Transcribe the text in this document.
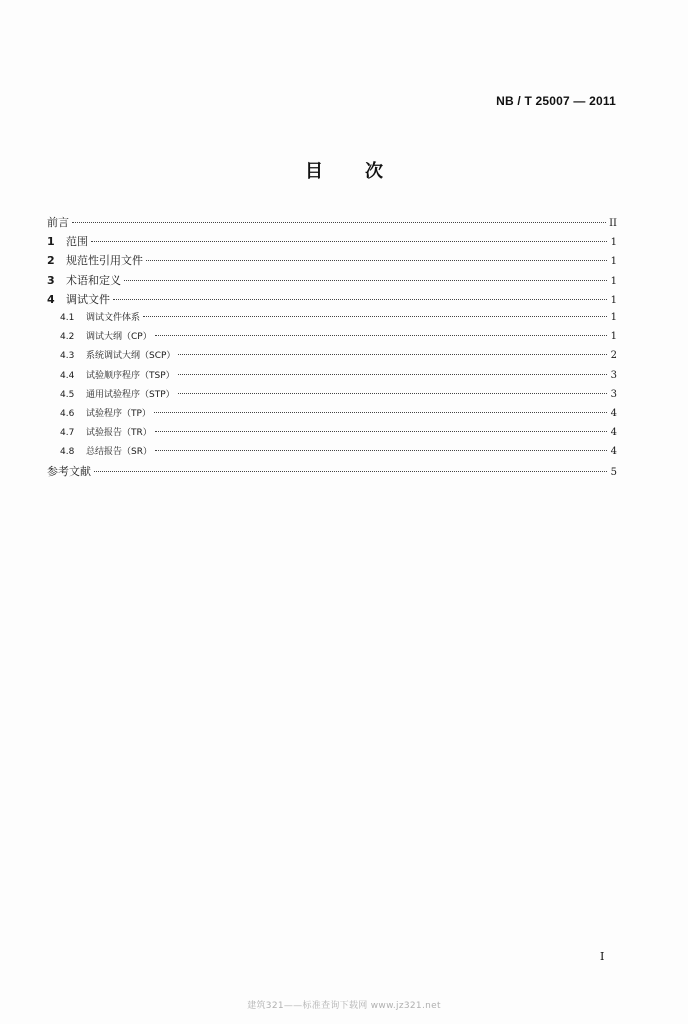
NB / T 25007 — 2011
目次
前言	II
1	范围	1
2	规范性引用文件	1
3	术语和定义	1
4	调试文件	1
4.1	调试文件体系	1
4.2	调试大纲（CP）	1
4.3	系统调试大纲（SCP）	2
4.4	试验顺序程序（TSP）	3
4.5	通用试验程序（STP）	3
4.6	试验程序（TP）	4
4.7	试验报告（TR）	4
4.8	总结报告（SR）	4
参考文献	5
I
建筑321——标准查询下载网 www.jz321.net
